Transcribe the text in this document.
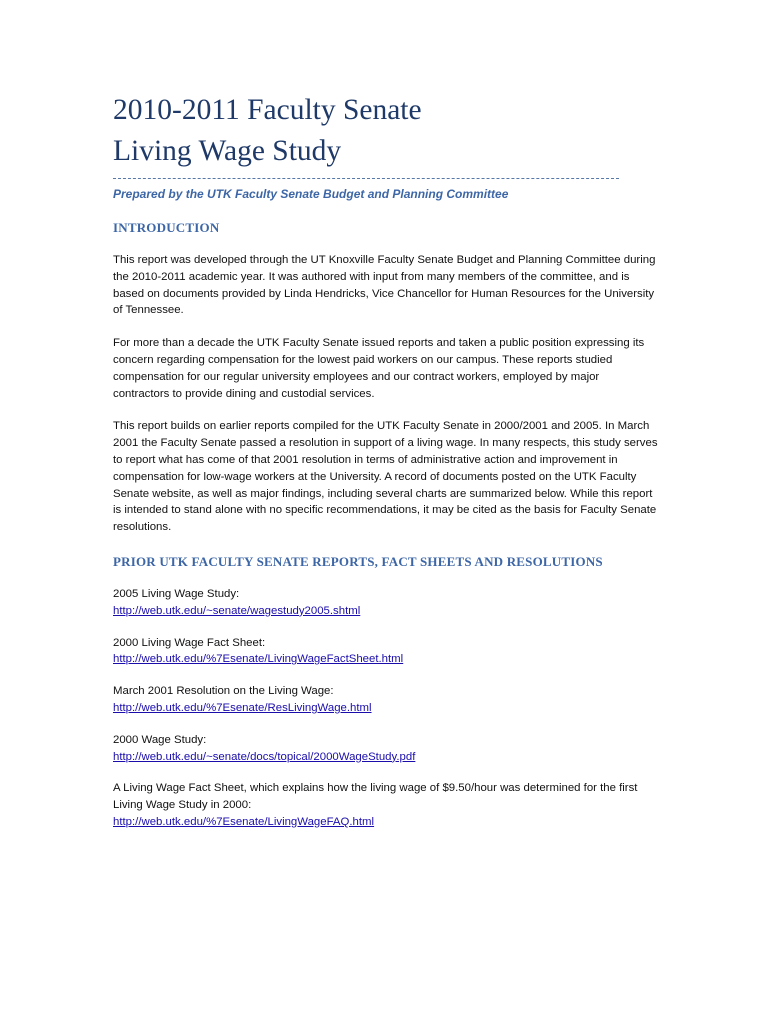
2010-2011 Faculty Senate
Living Wage Study
Prepared by the UTK Faculty Senate Budget and Planning Committee
INTRODUCTION

This report was developed through the UT Knoxville Faculty Senate Budget and Planning Committee during the 2010-2011 academic year. It was authored with input from many members of the committee, and is based on documents provided by Linda Hendricks, Vice Chancellor for Human Resources for the University of Tennessee.

For more than a decade the UTK Faculty Senate issued reports and taken a public position expressing its concern regarding compensation for the lowest paid workers on our campus. These reports studied compensation for our regular university employees and our contract workers, employed by major contractors to provide dining and custodial services.

This report builds on earlier reports compiled for the UTK Faculty Senate in 2000/2001 and 2005. In March 2001 the Faculty Senate passed a resolution in support of a living wage. In many respects, this study serves to report what has come of that 2001 resolution in terms of administrative action and improvement in compensation for low-wage workers at the University. A record of documents posted on the UTK Faculty Senate website, as well as major findings, including several charts are summarized below. While this report is intended to stand alone with no specific recommendations, it may be cited as the basis for Faculty Senate resolutions.

PRIOR UTK FACULTY SENATE REPORTS, FACT SHEETS AND RESOLUTIONS
2005 Living Wage Study:
http://web.utk.edu/~senate/wagestudy2005.shtml
2000 Living Wage Fact Sheet:
http://web.utk.edu/%7Esenate/LivingWageFactSheet.html
March 2001 Resolution on the Living Wage:
http://web.utk.edu/%7Esenate/ResLivingWage.html
2000 Wage Study:
http://web.utk.edu/~senate/docs/topical/2000WageStudy.pdf
A Living Wage Fact Sheet, which explains how the living wage of $9.50/hour was determined for the first Living Wage Study in 2000:
http://web.utk.edu/%7Esenate/LivingWageFAQ.html
